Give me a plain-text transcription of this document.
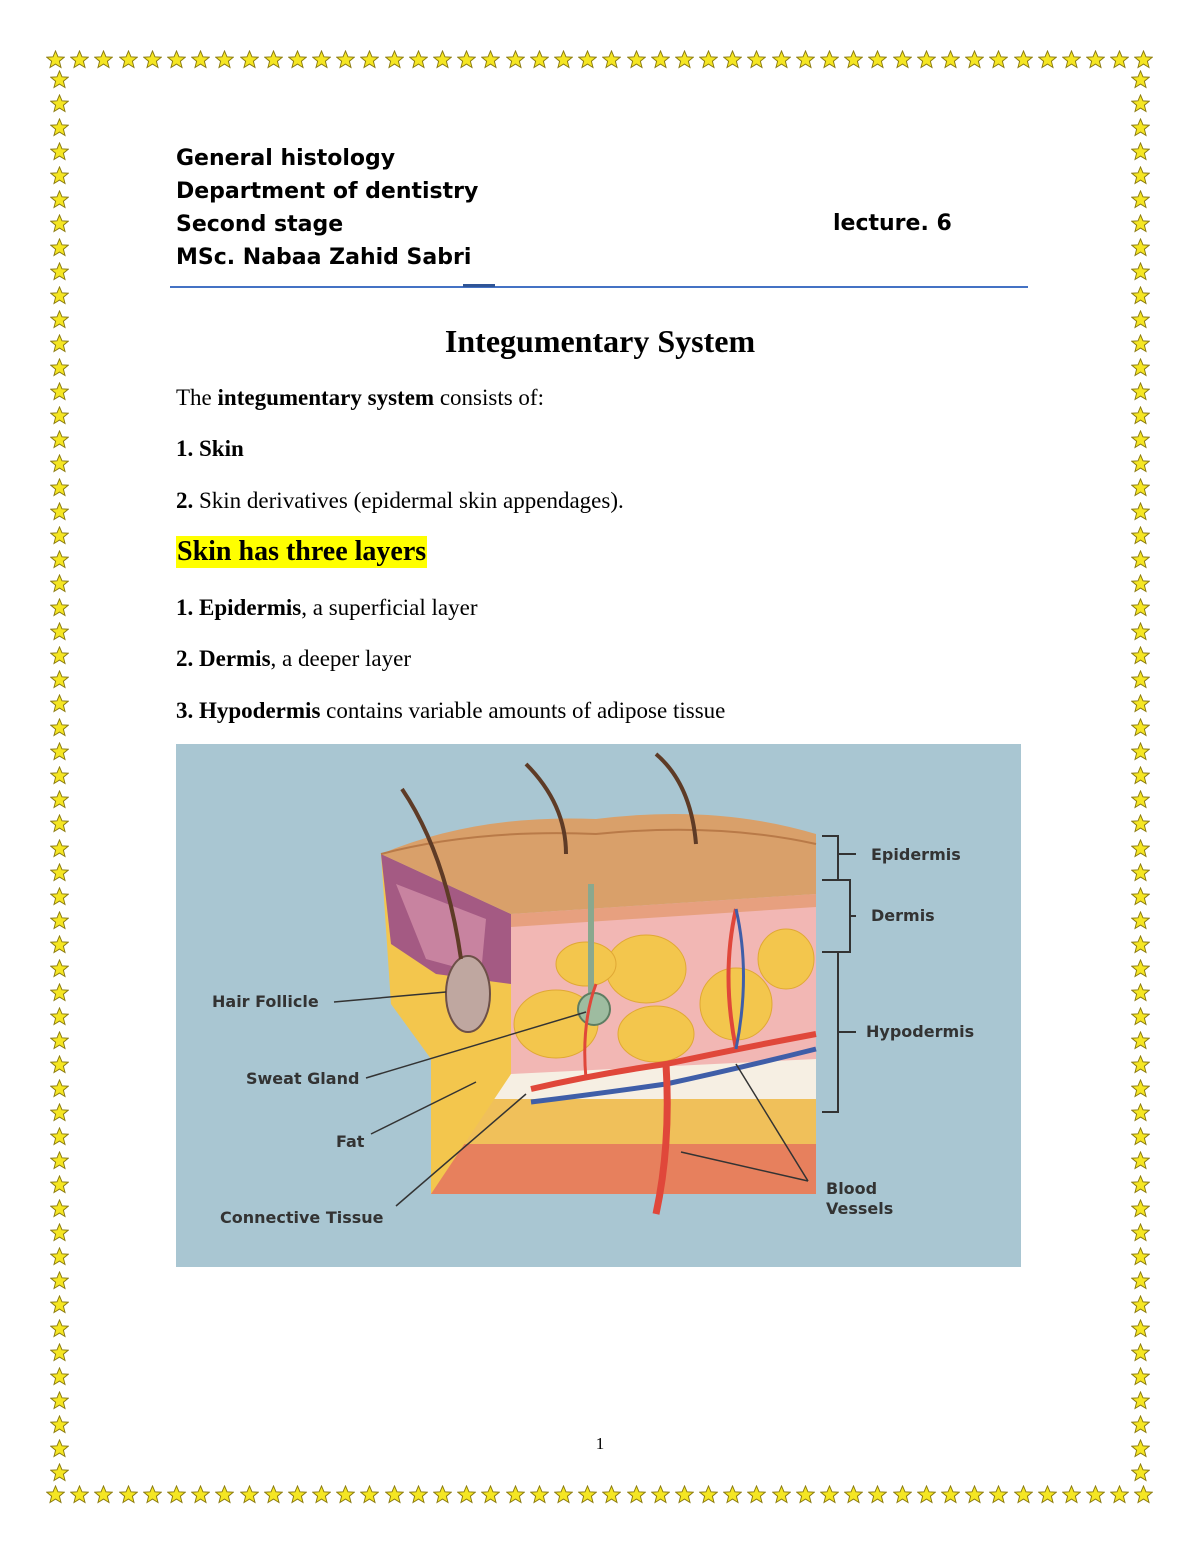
General histology
Department of dentistry
Second stage
MSc. Nabaa Zahid Sabri
lecture. 6
Integumentary System
The integumentary system consists of:
1. Skin
2. Skin derivatives (epidermal skin appendages).
Skin has three layers
1. Epidermis, a superficial layer
2. Dermis, a deeper layer
3. Hypodermis contains variable amounts of adipose tissue
Epidermis
Dermis
Hypodermis
Hair Follicle
Sweat Gland
Fat
Connective Tissue
Blood
Vessels
1
